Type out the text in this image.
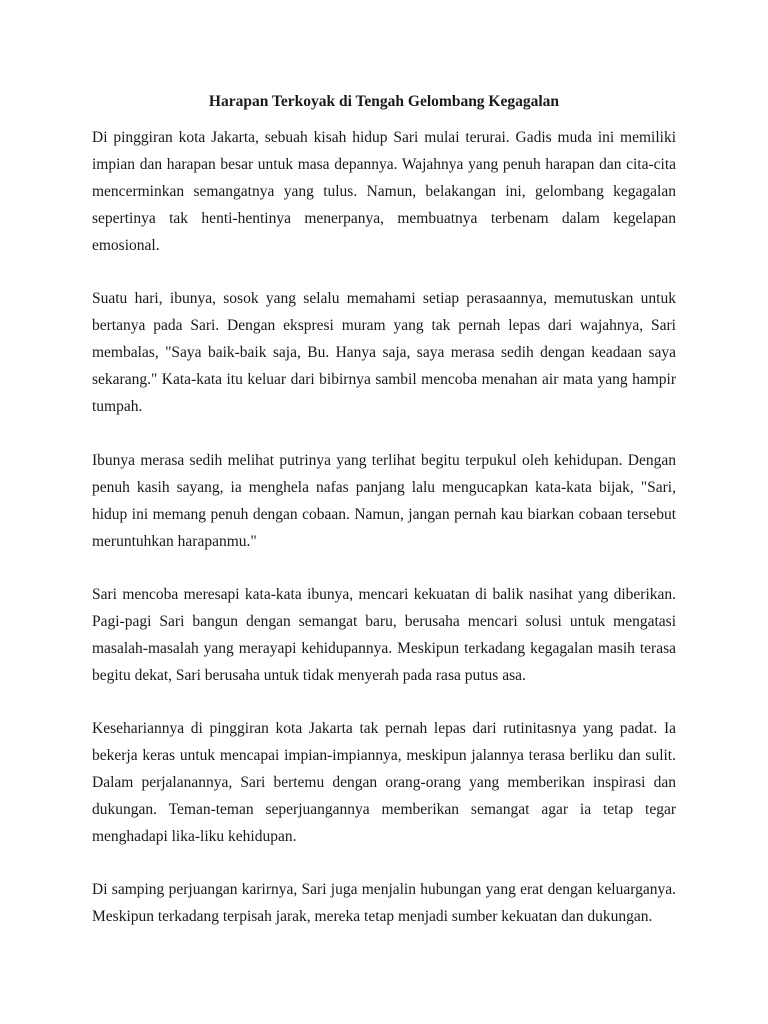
Harapan Terkoyak di Tengah Gelombang Kegagalan

Di pinggiran kota Jakarta, sebuah kisah hidup Sari mulai terurai. Gadis muda ini memiliki impian dan harapan besar untuk masa depannya. Wajahnya yang penuh harapan dan cita-cita mencerminkan semangatnya yang tulus. Namun, belakangan ini, gelombang kegagalan sepertinya tak henti-hentinya menerpanya, membuatnya terbenam dalam kegelapan emosional.

Suatu hari, ibunya, sosok yang selalu memahami setiap perasaannya, memutuskan untuk bertanya pada Sari. Dengan ekspresi muram yang tak pernah lepas dari wajahnya, Sari membalas, "Saya baik-baik saja, Bu. Hanya saja, saya merasa sedih dengan keadaan saya sekarang." Kata-kata itu keluar dari bibirnya sambil mencoba menahan air mata yang hampir tumpah.

Ibunya merasa sedih melihat putrinya yang terlihat begitu terpukul oleh kehidupan. Dengan penuh kasih sayang, ia menghela nafas panjang lalu mengucapkan kata-kata bijak, "Sari, hidup ini memang penuh dengan cobaan. Namun, jangan pernah kau biarkan cobaan tersebut meruntuhkan harapanmu."

Sari mencoba meresapi kata-kata ibunya, mencari kekuatan di balik nasihat yang diberikan. Pagi-pagi Sari bangun dengan semangat baru, berusaha mencari solusi untuk mengatasi masalah-masalah yang merayapi kehidupannya. Meskipun terkadang kegagalan masih terasa begitu dekat, Sari berusaha untuk tidak menyerah pada rasa putus asa.

Kesehariannya di pinggiran kota Jakarta tak pernah lepas dari rutinitasnya yang padat. Ia bekerja keras untuk mencapai impian-impiannya, meskipun jalannya terasa berliku dan sulit. Dalam perjalanannya, Sari bertemu dengan orang-orang yang memberikan inspirasi dan dukungan. Teman-teman seperjuangannya memberikan semangat agar ia tetap tegar menghadapi lika-liku kehidupan.

Di samping perjuangan karirnya, Sari juga menjalin hubungan yang erat dengan keluarganya. Meskipun terkadang terpisah jarak, mereka tetap menjadi sumber kekuatan dan dukungan.
